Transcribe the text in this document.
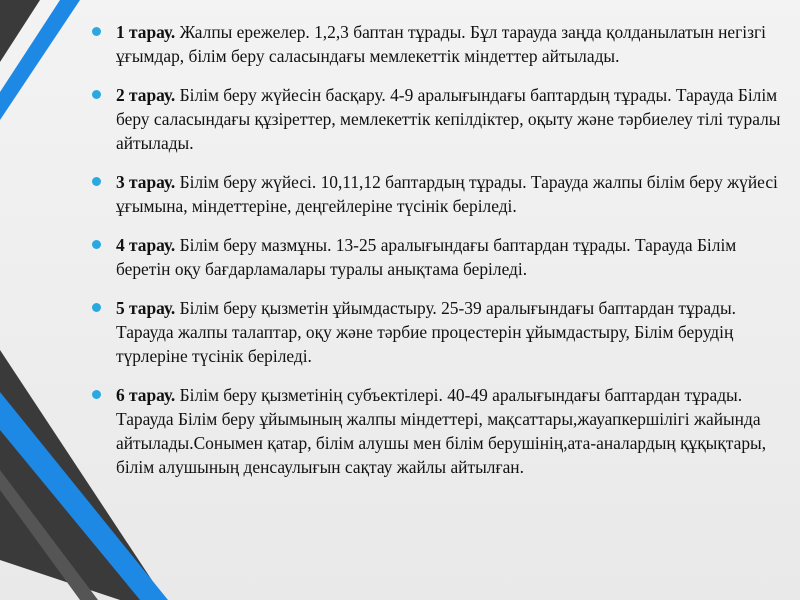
1 тарау. Жалпы ережелер. 1,2,3 баптан тұрады. Бұл тарауда заңда қолданылатын негізгі ұғымдар, білім беру саласындағы мемлекеттік міндеттер айтылады.
2 тарау. Білім беру жүйесін басқару. 4-9 аралығындағы баптардың тұрады. Тарауда Білім беру саласындағы құзіреттер, мемлекеттік кепілдіктер, оқыту және тәрбиелеу тілі туралы айтылады.
3 тарау. Білім беру жүйесі. 10,11,12 баптардың тұрады. Тарауда жалпы білім беру жүйесі ұғымына, міндеттеріне, деңгейлеріне түсінік беріледі.
4 тарау. Білім беру мазмұны. 13-25 аралығындағы баптардан тұрады. Тарауда Білім беретін оқу бағдарламалары туралы анықтама беріледі.
5 тарау. Білім беру қызметін ұйымдастыру. 25-39 аралығындағы баптардан тұрады. Тарауда жалпы талаптар, оқу және тәрбие процестерін ұйымдастыру, Білім берудің түрлеріне түсінік беріледі.
6 тарау. Білім беру қызметінің субъектілері. 40-49 аралығындағы баптардан тұрады. Тарауда Білім беру ұйымының жалпы міндеттері, мақсаттары,жауапкершілігі жайында айтылады.Сонымен қатар, білім алушы мен білім берушінің,ата-аналардың құқықтары, білім алушының денсаулығын сақтау жайлы айтылған.
